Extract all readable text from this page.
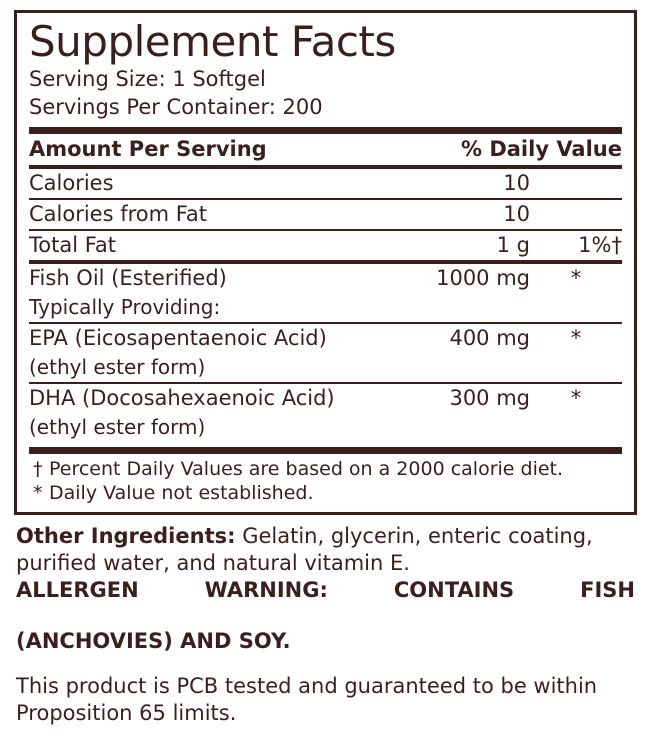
Supplement Facts
Serving Size: 1 Softgel
Servings Per Container: 200
Amount Per Serving	% Daily Value
Calories	10	
Calories from Fat	10	
Total Fat	1 g	1%†
Fish Oil (Esterified)	1000 mg	*
Typically Providing:		
EPA (Eicosapentaenoic Acid)	400 mg	*
(ethyl ester form)		
DHA (Docosahexaenoic Acid)	300 mg	*
(ethyl ester form)		
† Percent Daily Values are based on a 2000 calorie diet.
* Daily Value not established.

Other Ingredients: Gelatin, glycerin, enteric coating, purified water, and natural vitamin E.

ALLERGEN WARNING: CONTAINS FISH
(ANCHOVIES) AND SOY.

This product is PCB tested and guaranteed to be within Proposition 65 limits.
